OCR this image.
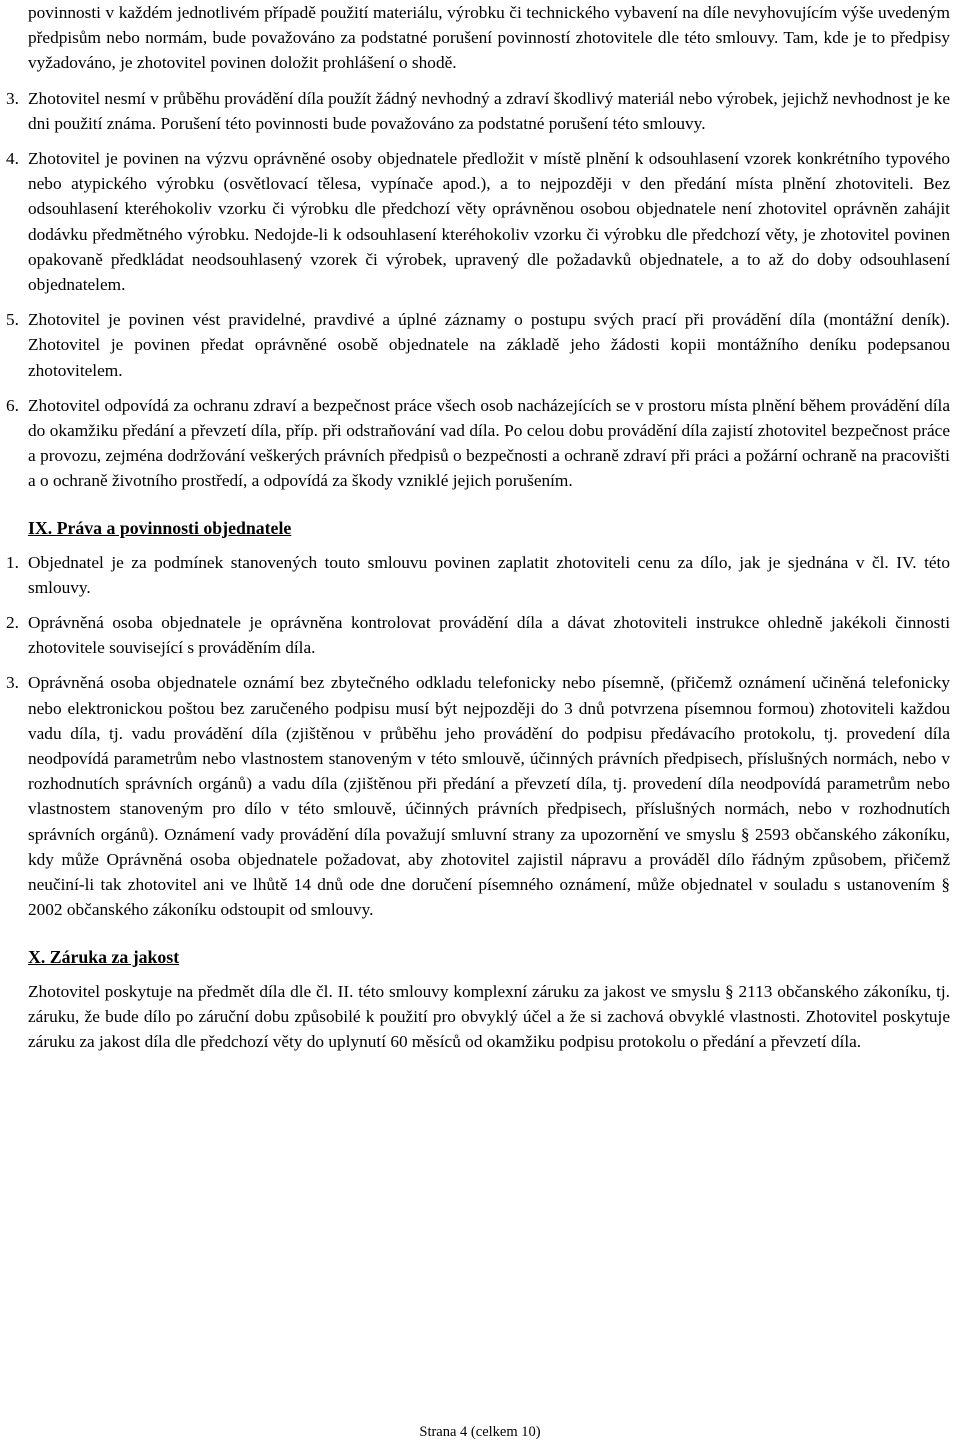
povinnosti v každém jednotlivém případě použití materiálu, výrobku či technického vybavení na díle nevyhovujícím výše uvedeným předpisům nebo normám, bude považováno za podstatné porušení povinností zhotovitele dle této smlouvy. Tam, kde je to předpisy vyžadováno, je zhotovitel povinen doložit prohlášení o shodě.

3. Zhotovitel nesmí v průběhu provádění díla použít žádný nevhodný a zdraví škodlivý materiál nebo výrobek, jejichž nevhodnost je ke dni použití známa. Porušení této povinnosti bude považováno za podstatné porušení této smlouvy.

4. Zhotovitel je povinen na výzvu oprávněné osoby objednatele předložit v místě plnění k odsouhlasení vzorek konkrétního typového nebo atypického výrobku (osvětlovací tělesa, vypínače apod.), a to nejpozději v den předání místa plnění zhotoviteli. Bez odsouhlasení kteréhokoliv vzorku či výrobku dle předchozí věty oprávněnou osobou objednatele není zhotovitel oprávněn zahájit dodávku předmětného výrobku. Nedojde-li k odsouhlasení kteréhokoliv vzorku či výrobku dle předchozí věty, je zhotovitel povinen opakovaně předkládat neodsouhlasený vzorek či výrobek, upravený dle požadavků objednatele, a to až do doby odsouhlasení objednatelem.

5. Zhotovitel je povinen vést pravidelné, pravdivé a úplné záznamy o postupu svých prací při provádění díla (montážní deník). Zhotovitel je povinen předat oprávněné osobě objednatele na základě jeho žádosti kopii montážního deníku podepsanou zhotovitelem.

6. Zhotovitel odpovídá za ochranu zdraví a bezpečnost práce všech osob nacházejících se v prostoru místa plnění během provádění díla do okamžiku předání a převzetí díla, příp. při odstraňování vad díla. Po celou dobu provádění díla zajistí zhotovitel bezpečnost práce a provozu, zejména dodržování veškerých právních předpisů o bezpečnosti a ochraně zdraví při práci a požární ochraně na pracovišti a o ochraně životního prostředí, a odpovídá za škody vzniklé jejich porušením.

IX. Práva a povinnosti objednatele
1. Objednatel je za podmínek stanovených touto smlouvu povinen zaplatit zhotoviteli cenu za dílo, jak je sjednána v čl. IV. této smlouvy.

2. Oprávněná osoba objednatele je oprávněna kontrolovat provádění díla a dávat zhotoviteli instrukce ohledně jakékoli činnosti zhotovitele související s prováděním díla.

3. Oprávněná osoba objednatele oznámí bez zbytečného odkladu telefonicky nebo písemně, (přičemž oznámení učiněná telefonicky nebo elektronickou poštou bez zaručeného podpisu musí být nejpozději do 3 dnů potvrzena písemnou formou) zhotoviteli každou vadu díla, tj. vadu provádění díla (zjištěnou v průběhu jeho provádění do podpisu předávacího protokolu, tj. provedení díla neodpovídá parametrům nebo vlastnostem stanoveným v této smlouvě, účinných právních předpisech, příslušných normách, nebo v rozhodnutích správních orgánů) a vadu díla (zjištěnou při předání a převzetí díla, tj. provedení díla neodpovídá parametrům nebo vlastnostem stanoveným pro dílo v této smlouvě, účinných právních předpisech, příslušných normách, nebo v rozhodnutích správních orgánů). Oznámení vady provádění díla považují smluvní strany za upozornění ve smyslu § 2593 občanského zákoníku, kdy může Oprávněná osoba objednatele požadovat, aby zhotovitel zajistil nápravu a prováděl dílo řádným způsobem, přičemž neučiní-li tak zhotovitel ani ve lhůtě 14 dnů ode dne doručení písemného oznámení, může objednatel v souladu s ustanovením § 2002 občanského zákoníku odstoupit od smlouvy.

X. Záruka za jakost

Zhotovitel poskytuje na předmět díla dle čl. II. této smlouvy komplexní záruku za jakost ve smyslu § 2113 občanského zákoníku, tj. záruku, že bude dílo po záruční dobu způsobilé k použití pro obvyklý účel a že si zachová obvyklé vlastnosti. Zhotovitel poskytuje záruku za jakost díla dle předchozí věty do uplynutí 60 měsíců od okamžiku podpisu protokolu o předání a převzetí díla.

Strana 4 (celkem 10)
